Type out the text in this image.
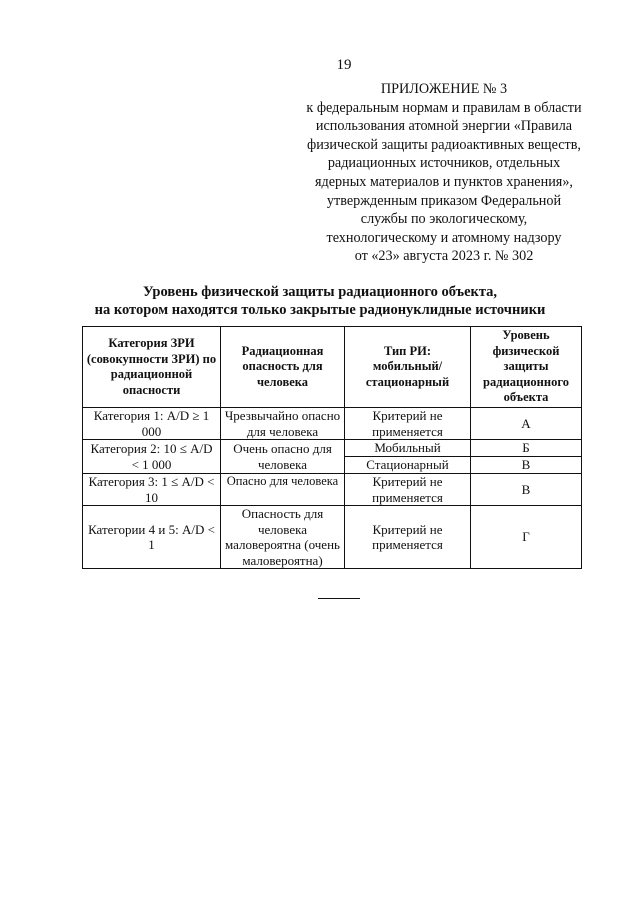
19
ПРИЛОЖЕНИЕ № 3
к федеральным нормам и правилам в области
использования атомной энергии «Правила
физической защиты радиоактивных веществ,
радиационных источников, отдельных
ядерных материалов и пунктов хранения»,
утвержденным приказом Федеральной
службы по экологическому,
технологическому и атомному надзору
от «23» августа 2023 г. № 302
Уровень физической защиты радиационного объекта,
на котором находятся только закрытые радионуклидные источники
Категория ЗРИ (совокупности ЗРИ) по радиационной опасности	Радиационная опасность для человека	Тип РИ: мобильный/ стационарный	Уровень физической защиты радиационного объекта
Категория 1: A/D ≥ 1 000	Чрезвычайно опасно для человека	Критерий не применяется	А
Категория 2: 10 ≤ A/D < 1 000	Очень опасно для человека	Мобильный	Б
		Стационарный	В
Категория 3: 1 ≤ A/D < 10	Опасно для человека	Критерий не применяется	В
Категории 4 и 5: A/D < 1	Опасность для человека маловероятна (очень маловероятна)	Критерий не применяется	Г
